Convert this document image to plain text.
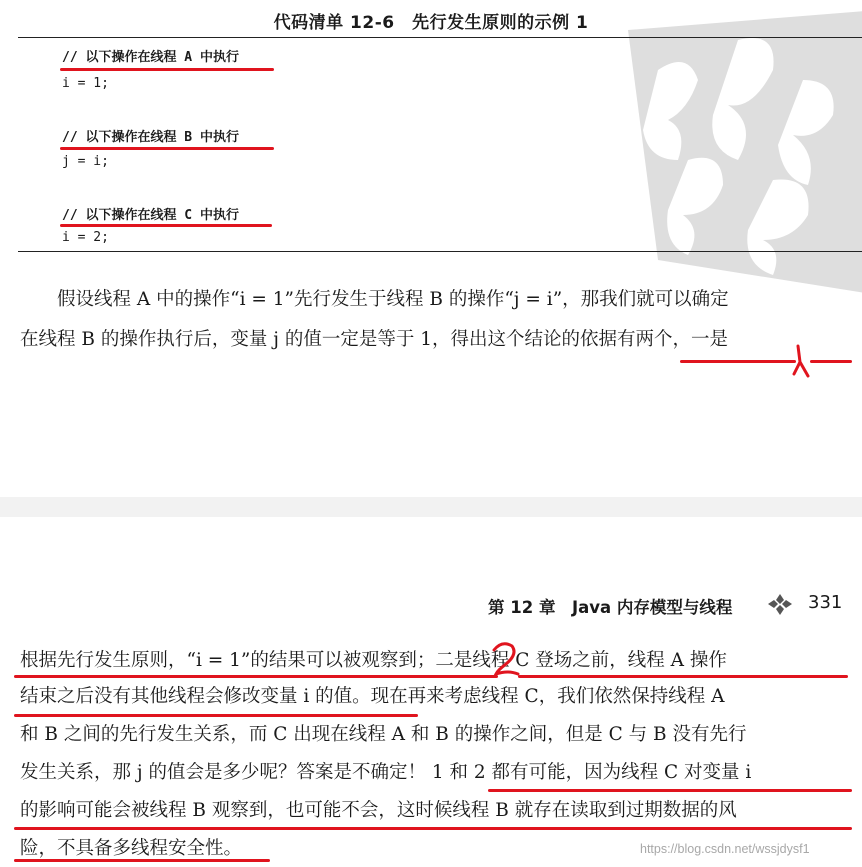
代码清单 12-6　先行发生原则的示例 1
// 以下操作在线程 A 中执行
i = 1;
// 以下操作在线程 B 中执行
j = i;
// 以下操作在线程 C 中执行
i = 2;
　　假设线程 A 中的操作“i = 1”先行发生于线程 B 的操作“j = i”，那我们就可以确定
在线程 B 的操作执行后，变量 j 的值一定是等于 1，得出这个结论的依据有两个，一是
第 12 章　Java 内存模型与线程	331
根据先行发生原则，“i = 1”的结果可以被观察到；二是线程 C 登场之前，线程 A 操作
结束之后没有其他线程会修改变量 i 的值。现在再来考虑线程 C，我们依然保持线程 A
和 B 之间的先行发生关系，而 C 出现在线程 A 和 B 的操作之间，但是 C 与 B 没有先行
发生关系，那 j 的值会是多少呢？答案是不确定！ 1 和 2 都有可能，因为线程 C 对变量 i
的影响可能会被线程 B 观察到，也可能不会，这时候线程 B 就存在读取到过期数据的风
险，不具备多线程安全性。	https://blog.csdn.net/wssjdysf1
